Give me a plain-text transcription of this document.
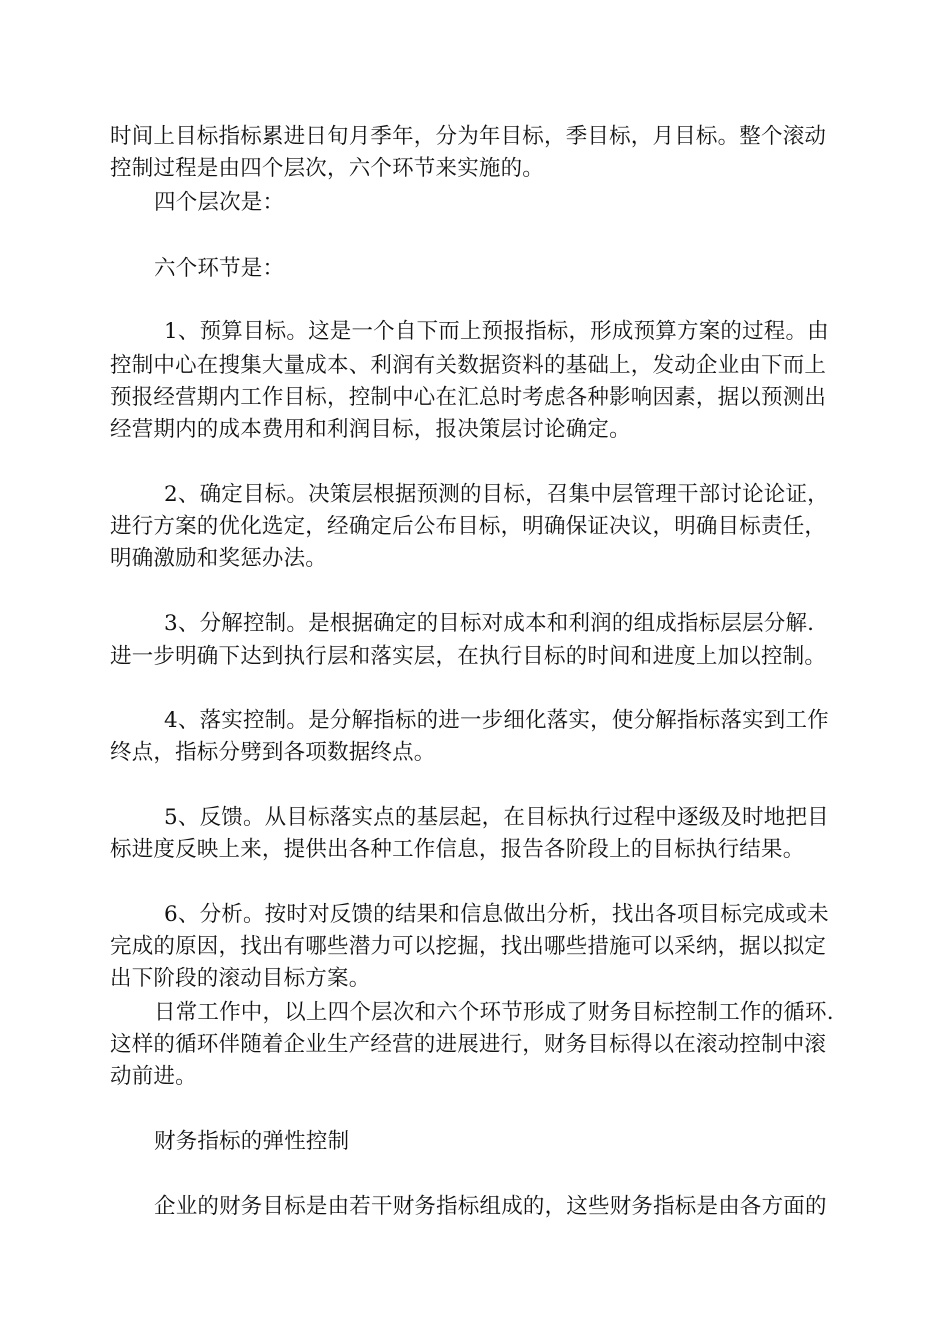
时间上目标指标累进日旬月季年，分为年目标，季目标，月目标。整个滚动
控制过程是由四个层次，六个环节来实施的。
四个层次是：
六个环节是：
1、预算目标。这是一个自下而上预报指标，形成预算方案的过程。由
控制中心在搜集大量成本、利润有关数据资料的基础上，发动企业由下而上
预报经营期内工作目标，控制中心在汇总时考虑各种影响因素，据以预测出
经营期内的成本费用和利润目标，报决策层讨论确定。
2、确定目标。决策层根据预测的目标，召集中层管理干部讨论论证，
进行方案的优化选定，经确定后公布目标，明确保证决议，明确目标责任，
明确激励和奖惩办法。
3、分解控制。是根据确定的目标对成本和利润的组成指标层层分解.
进一步明确下达到执行层和落实层，在执行目标的时间和进度上加以控制。
4、落实控制。是分解指标的进一步细化落实，使分解指标落实到工作
终点，指标分劈到各项数据终点。
5、反馈。从目标落实点的基层起，在目标执行过程中逐级及时地把目
标进度反映上来，提供出各种工作信息，报告各阶段上的目标执行结果。
6、分析。按时对反馈的结果和信息做出分析，找出各项目标完成或未
完成的原因，找出有哪些潜力可以挖掘，找出哪些措施可以采纳，据以拟定
出下阶段的滚动目标方案。
日常工作中，以上四个层次和六个环节形成了财务目标控制工作的循环.
这样的循环伴随着企业生产经营的进展进行，财务目标得以在滚动控制中滚
动前进。
财务指标的弹性控制
企业的财务目标是由若干财务指标组成的，这些财务指标是由各方面的
